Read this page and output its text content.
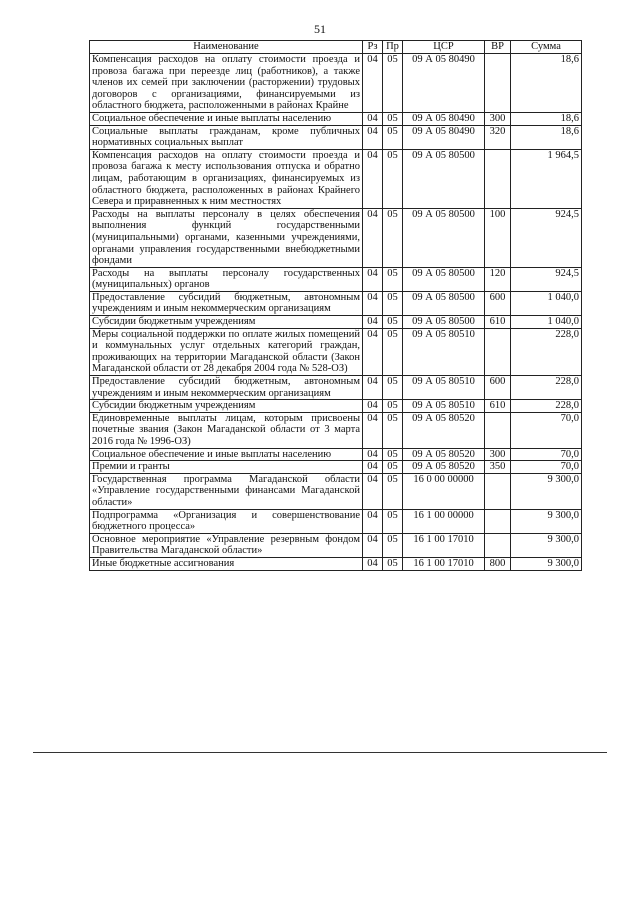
51
Наименование	Рз	Пр	ЦСР	ВР	Сумма
Компенсация расходов на оплату стоимости проезда и провоза багажа при переезде лиц (работников), а также членов их семей при заключении (расторжении) трудовых договоров с организациями, финансируемыми из областного бюджета, расположенными в районах Крайне	04	05	09 А 05 80490		18,6
Социальное обеспечение и иные выплаты населению	04	05	09 А 05 80490	300	18,6
Социальные выплаты гражданам, кроме публичных нормативных социальных выплат	04	05	09 А 05 80490	320	18,6
Компенсация расходов на оплату стоимости проезда и провоза багажа к месту использования отпуска и обратно лицам, работающим в организациях, финансируемых из областного бюджета, расположенных в районах Крайнего Севера и приравненных к ним местностях	04	05	09 А 05 80500		1 964,5
Расходы на выплаты персоналу в целях обеспечения выполнения функций государственными (муниципальными) органами, казенными учреждениями, органами управления государственными внебюджетными фондами	04	05	09 А 05 80500	100	924,5
Расходы на выплаты персоналу государственных (муниципальных) органов	04	05	09 А 05 80500	120	924,5
Предоставление субсидий бюджетным, автономным учреждениям и иным некоммерческим организациям	04	05	09 А 05 80500	600	1 040,0
Субсидии бюджетным учреждениям	04	05	09 А 05 80500	610	1 040,0
Меры социальной поддержки по оплате жилых помещений и коммунальных услуг отдельных категорий граждан, проживающих на территории Магаданской области (Закон Магаданской области от 28 декабря 2004 года № 528-ОЗ)	04	05	09 А 05 80510		228,0
Предоставление субсидий бюджетным, автономным учреждениям и иным некоммерческим организациям	04	05	09 А 05 80510	600	228,0
Субсидии бюджетным учреждениям	04	05	09 А 05 80510	610	228,0
Единовременные выплаты лицам, которым присвоены почетные звания (Закон Магаданской области от 3 марта 2016 года № 1996-ОЗ)	04	05	09 А 05 80520		70,0
Социальное обеспечение и иные выплаты населению	04	05	09 А 05 80520	300	70,0
Премии и гранты	04	05	09 А 05 80520	350	70,0
Государственная программа Магаданской области «Управление государственными финансами Магаданской области»	04	05	16 0 00 00000		9 300,0
Подпрограмма «Организация и совершенствование бюджетного процесса»	04	05	16 1 00 00000		9 300,0
Основное мероприятие «Управление резервным фондом Правительства Магаданской области»	04	05	16 1 00 17010		9 300,0
Иные бюджетные ассигнования	04	05	16 1 00 17010	800	9 300,0
